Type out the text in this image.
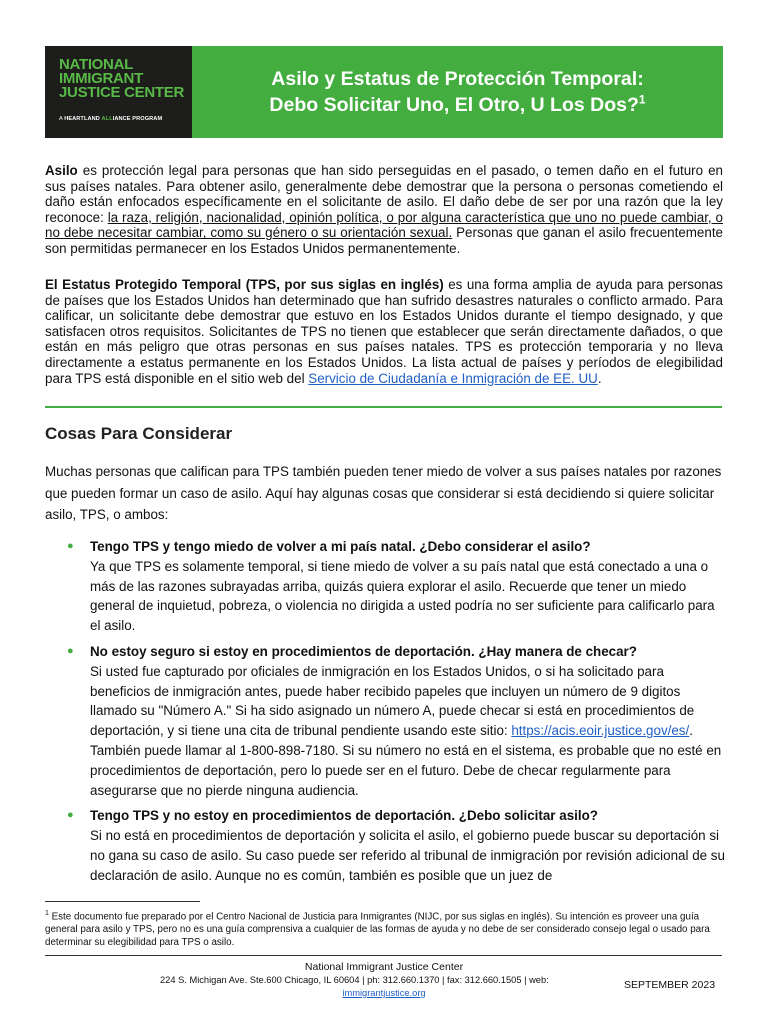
NATIONAL
IMMIGRANT
JUSTICE CENTER
A HEARTLAND ALLIANCE PROGRAM
Asilo y Estatus de Protección Temporal:
Debo Solicitar Uno, El Otro, U Los Dos?$^1$

Asilo es protección legal para personas que han sido perseguidas en el pasado, o temen daño en el futuro en sus países natales. Para obtener asilo, generalmente debe demostrar que la persona o personas cometiendo el daño están enfocados específicamente en el solicitante de asilo. El daño debe de ser por una razón que la ley reconoce: la raza, religión, nacionalidad, opinión política, o por alguna característica que uno no puede cambiar, o no debe necesitar cambiar, como su género o su orientación sexual. Personas que ganan el asilo frecuentemente son permitidas permanecer en los Estados Unidos permanentemente.

El Estatus Protegido Temporal (TPS, por sus siglas en inglés) es una forma amplia de ayuda para personas de países que los Estados Unidos han determinado que han sufrido desastres naturales o conflicto armado. Para calificar, un solicitante debe demostrar que estuvo en los Estados Unidos durante el tiempo designado, y que satisfacen otros requisitos. Solicitantes de TPS no tienen que establecer que serán directamente dañados, o que están en más peligro que otras personas en sus países natales. TPS es protección temporaria y no lleva directamente a estatus permanente en los Estados Unidos. La lista actual de países y períodos de elegibilidad para TPS está disponible en el sitio web del Servicio de Ciudadanía e Inmigración de EE. UU.

Cosas Para Considerar

Muchas personas que califican para TPS también pueden tener miedo de volver a sus países natales por razones que pueden formar un caso de asilo. Aquí hay algunas cosas que considerar si está decidiendo si quiere solicitar asilo, TPS, o ambos:

● Tengo TPS y tengo miedo de volver a mi país natal. ¿Debo considerar el asilo?
Ya que TPS es solamente temporal, si tiene miedo de volver a su país natal que está conectado a una o más de las razones subrayadas arriba, quizás quiera explorar el asilo. Recuerde que tener un miedo general de inquietud, pobreza, o violencia no dirigida a usted podría no ser suficiente para calificarlo para el asilo.
● No estoy seguro si estoy en procedimientos de deportación. ¿Hay manera de checar?
Si usted fue capturado por oficiales de inmigración en los Estados Unidos, o si ha solicitado para beneficios de inmigración antes, puede haber recibido papeles que incluyen un número de 9 digitos llamado su "Número A." Si ha sido asignado un número A, puede checar si está en procedimientos de deportación, y si tiene una cita de tribunal pendiente usando este sitio: https://acis.eoir.justice.gov/es/. También puede llamar al 1-800-898-7180. Si su número no está en el sistema, es probable que no esté en procedimientos de deportación, pero lo puede ser en el futuro. Debe de checar regularmente para asegurarse que no pierde ninguna audiencia.
● Tengo TPS y no estoy en procedimientos de deportación. ¿Debo solicitar asilo?
Si no está en procedimientos de deportación y solicita el asilo, el gobierno puede buscar su deportación si no gana su caso de asilo. Su caso puede ser referido al tribunal de inmigración por revisión adicional de su declaración de asilo. Aunque no es común, también es posible que un juez de

$^1$ Este documento fue preparado por el Centro Nacional de Justicia para Inmigrantes (NIJC, por sus siglas en inglés). Su intención es proveer una guía general para asilo y TPS, pero no es una guía comprensiva a cualquier de las formas de ayuda y no debe de ser considerado consejo legal o usado para determinar su elegibilidad para TPS o asilo.

National Immigrant Justice Center
224 S. Michigan Ave. Ste.600 Chicago, IL 60604 | ph: 312.660.1370 | fax: 312.660.1505 | web:
immigrantjustice.org
SEPTEMBER 2023
